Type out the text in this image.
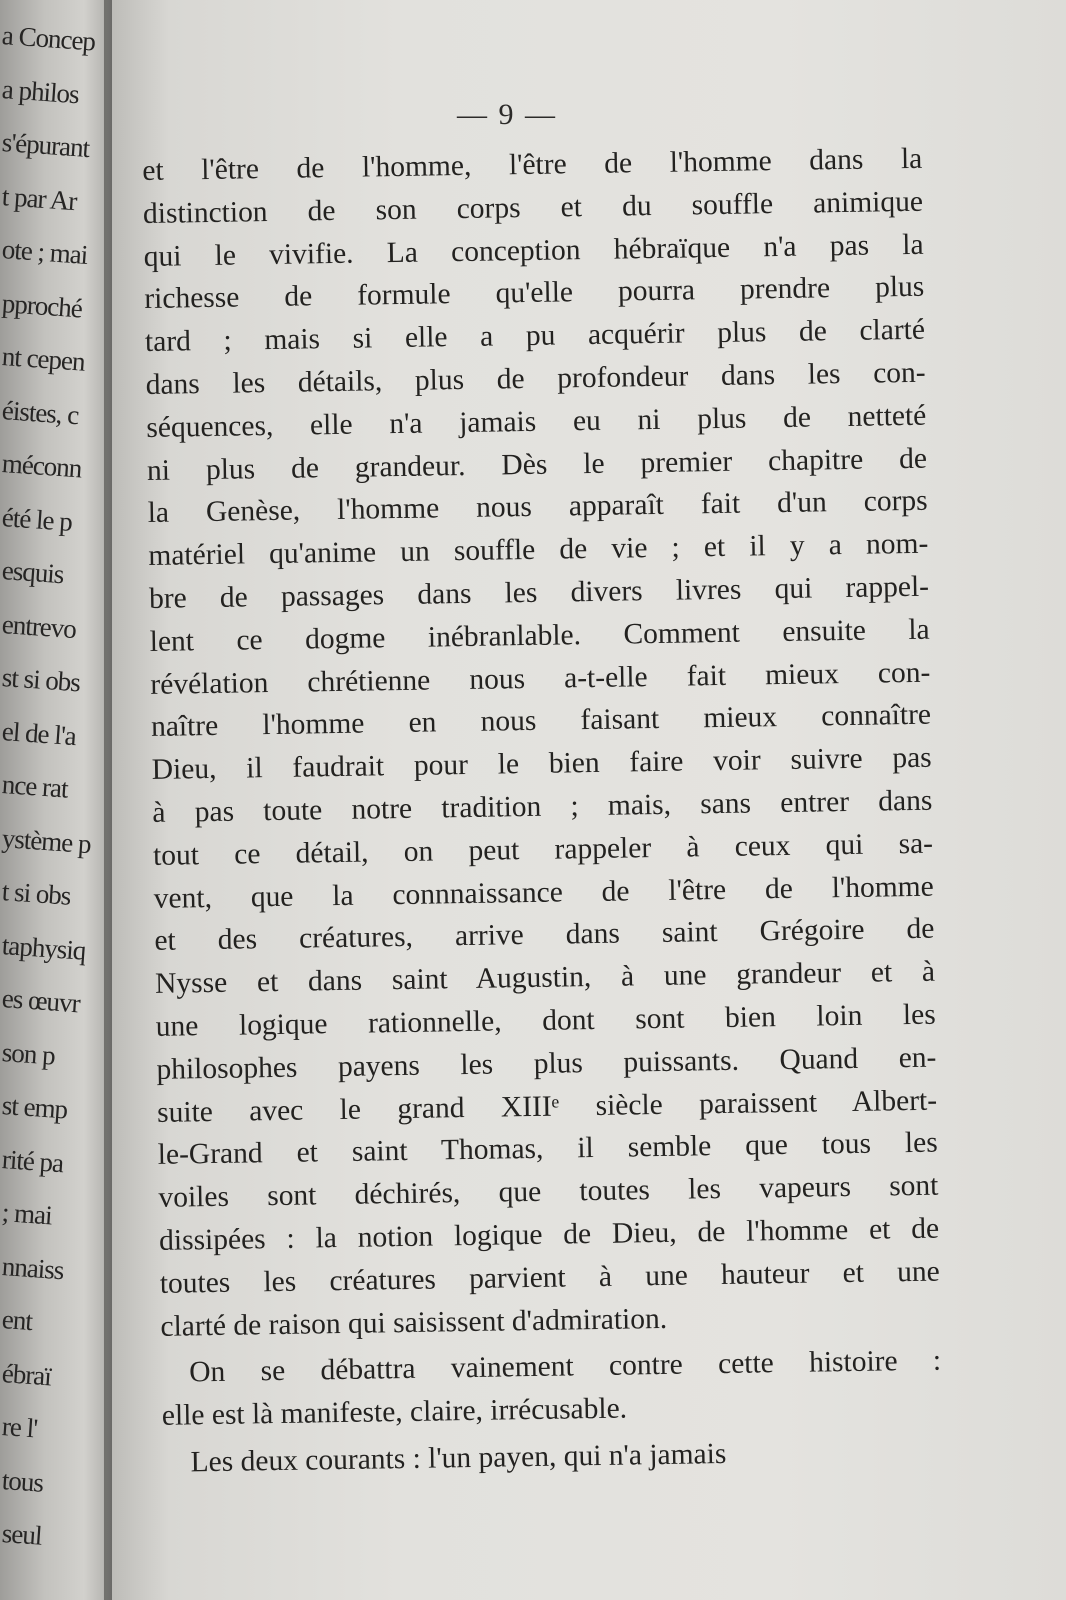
a Concep
a philos
s'épurant
t par Ar
ote ; mai
pproché
nt cepen
éistes, c
méconn
été le p
esquis
entrevo
st si obs
el de l'a
nce rat
ystème p
t si obs
taphysiq
es œuvr
son p
st emp
rité pa
; mai
nnaiss
ent
ébraï
re l'
tous
seul
— 9 —
et l'être de l'homme, l'être de l'homme dans la
distinction de son corps et du souffle animique
qui le vivifie. La conception hébraïque n'a pas la
richesse de formule qu'elle pourra prendre plus
tard ; mais si elle a pu acquérir plus de clarté
dans les détails, plus de profondeur dans les con-
séquences, elle n'a jamais eu ni plus de netteté
ni plus de grandeur. Dès le premier chapitre de
la Genèse, l'homme nous apparaît fait d'un corps
matériel qu'anime un souffle de vie ; et il y a nom-
bre de passages dans les divers livres qui rappel-
lent ce dogme inébranlable. Comment ensuite la
révélation chrétienne nous a-t-elle fait mieux con-
naître l'homme en nous faisant mieux connaître
Dieu, il faudrait pour le bien faire voir suivre pas
à pas toute notre tradition ; mais, sans entrer dans
tout ce détail, on peut rappeler à ceux qui sa-
vent, que la connnaissance de l'être de l'homme
et des créatures, arrive dans saint Grégoire de
Nysse et dans saint Augustin, à une grandeur et à
une logique rationnelle, dont sont bien loin les
philosophes payens les plus puissants. Quand en-
suite avec le grand XIIIᵉ siècle paraissent Albert-
le-Grand et saint Thomas, il semble que tous les
voiles sont déchirés, que toutes les vapeurs sont
dissipées : la notion logique de Dieu, de l'homme et de
toutes les créatures parvient à une hauteur et une
clarté de raison qui saisissent d'admiration.
On se débattra vainement contre cette histoire :
elle est là manifeste, claire, irrécusable.
Les deux courants : l'un payen, qui n'a jamais
